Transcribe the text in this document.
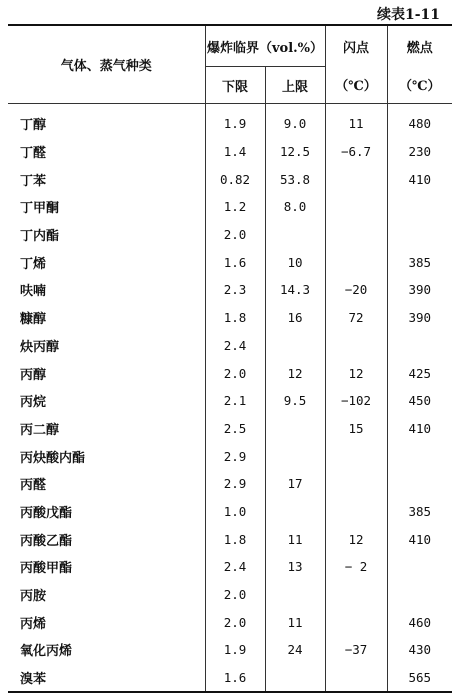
续表1-11
气体、蒸气种类	爆炸临界（vol.%）		闪点	燃点
	下限	上限	（℃）	（℃）
丁醇	1.9	9.0	11	480
丁醛	1.4	12.5	−6.7	230
丁苯	0.82	53.8		410
丁甲酮	1.2	8.0		
丁内酯	2.0			
丁烯	1.6	10		385
呋喃	2.3	14.3	−20	390
糠醇	1.8	16	72	390
炔丙醇	2.4			
丙醇	2.0	12	12	425
丙烷	2.1	9.5	−102	450
丙二醇	2.5		15	410
丙炔酸内酯	2.9			
丙醛	2.9	17		
丙酸戊酯	1.0			385
丙酸乙酯	1.8	11	12	410
丙酸甲酯	2.4	13	− 2	
丙胺	2.0			
丙烯	2.0	11		460
氧化丙烯	1.9	24	−37	430
溴苯	1.6			565
